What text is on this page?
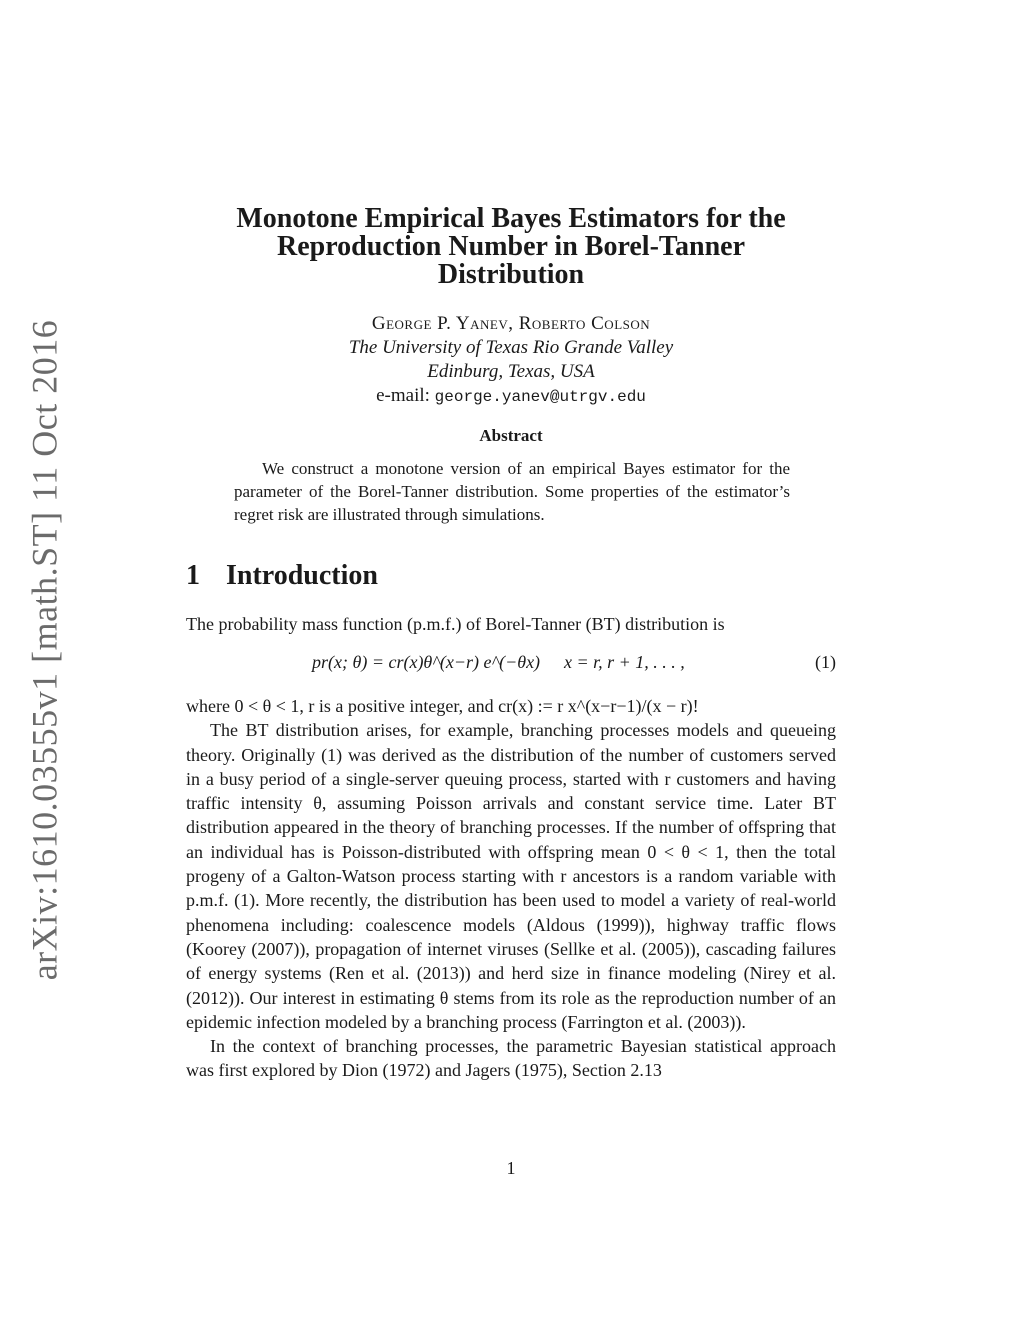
arXiv:1610.03555v1 [math.ST] 11 Oct 2016
Monotone Empirical Bayes Estimators for the
Reproduction Number in Borel-Tanner
Distribution
George P. Yanev, Roberto Colson
The University of Texas Rio Grande Valley
Edinburg, Texas, USA
e-mail: george.yanev@utrgv.edu
Abstract
We construct a monotone version of an empirical Bayes estimator for the parameter of the Borel-Tanner distribution. Some properties of the estimator’s regret risk are illustrated through simulations.
1 Introduction
The probability mass function (p.m.f.) of Borel-Tanner (BT) distribution is
pr(x; θ) = cr(x)θ^(x−r) e^(−θx) x = r, r + 1, . . . ,	(1)

where 0 < θ < 1, r is a positive integer, and cr(x) := r x^(x−r−1)/(x − r)!

The BT distribution arises, for example, branching processes models and queueing theory. Originally (1) was derived as the distribution of the number of customers served in a busy period of a single-server queuing process, started with r customers and having traffic intensity θ, assuming Poisson arrivals and constant service time. Later BT distribution appeared in the theory of branching processes. If the number of offspring that an individual has is Poisson-distributed with offspring mean 0 < θ < 1, then the total progeny of a Galton-Watson process starting with r ancestors is a random variable with p.m.f. (1). More recently, the distribution has been used to model a variety of real-world phenomena including: coalescence models (Aldous (1999)), highway traffic flows (Koorey (2007)), propagation of internet viruses (Sellke et al. (2005)), cascading failures of energy systems (Ren et al. (2013)) and herd size in finance modeling (Nirey et al. (2012)). Our interest in estimating θ stems from its role as the reproduction number of an epidemic infection modeled by a branching process (Farrington et al. (2003)).

In the context of branching processes, the parametric Bayesian statistical approach was first explored by Dion (1972) and Jagers (1975), Section 2.13

1
